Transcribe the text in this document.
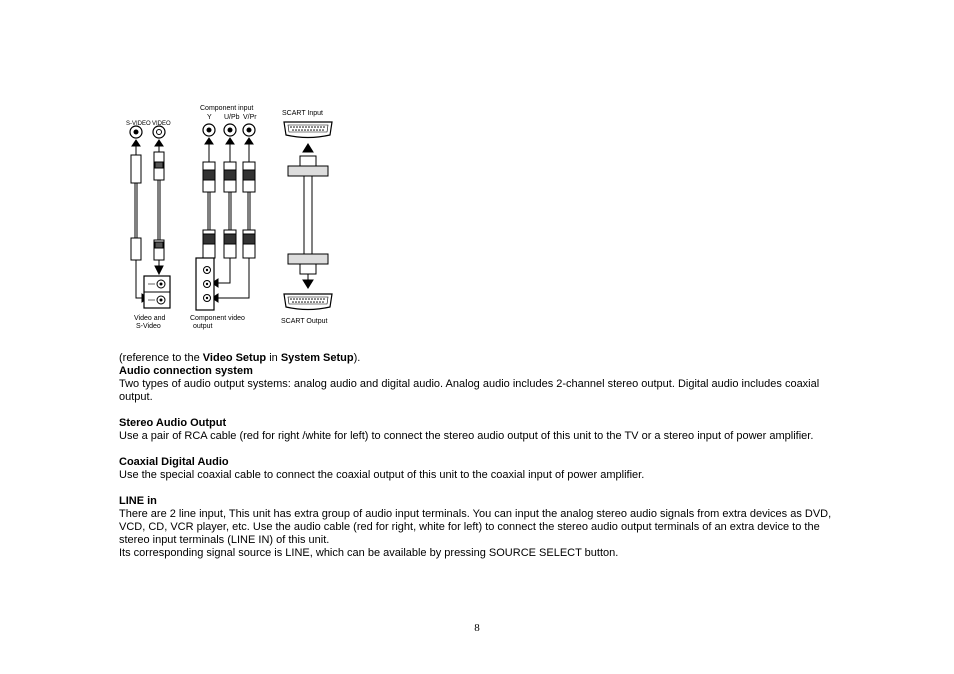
Component input
Y U/Pb V/Pr
S-VIDEO VIDEO
SCART Input
Video and
S-Video
Component video
output
SCART Output

(reference to the Video Setup in System Setup).

Audio connection system

Two types of audio output systems: analog audio and digital audio. Analog audio includes 2-channel stereo output. Digital audio includes coaxial output.

Stereo Audio Output

Use a pair of RCA cable (red for right /white for left) to connect the stereo audio output of this unit to the TV or a stereo input of power amplifier.

Coaxial Digital Audio

Use the special coaxial cable to connect the coaxial output of this unit to the coaxial input of power amplifier.

LINE in

There are 2 line input, This unit has extra group of audio input terminals. You can input the analog stereo audio signals from extra devices as DVD, VCD, CD, VCR player, etc. Use the audio cable (red for right, white for left) to connect the stereo audio output terminals of an extra device to the stereo input terminals (LINE IN) of this unit.

Its corresponding signal source is LINE, which can be available by pressing SOURCE SELECT button.

8
